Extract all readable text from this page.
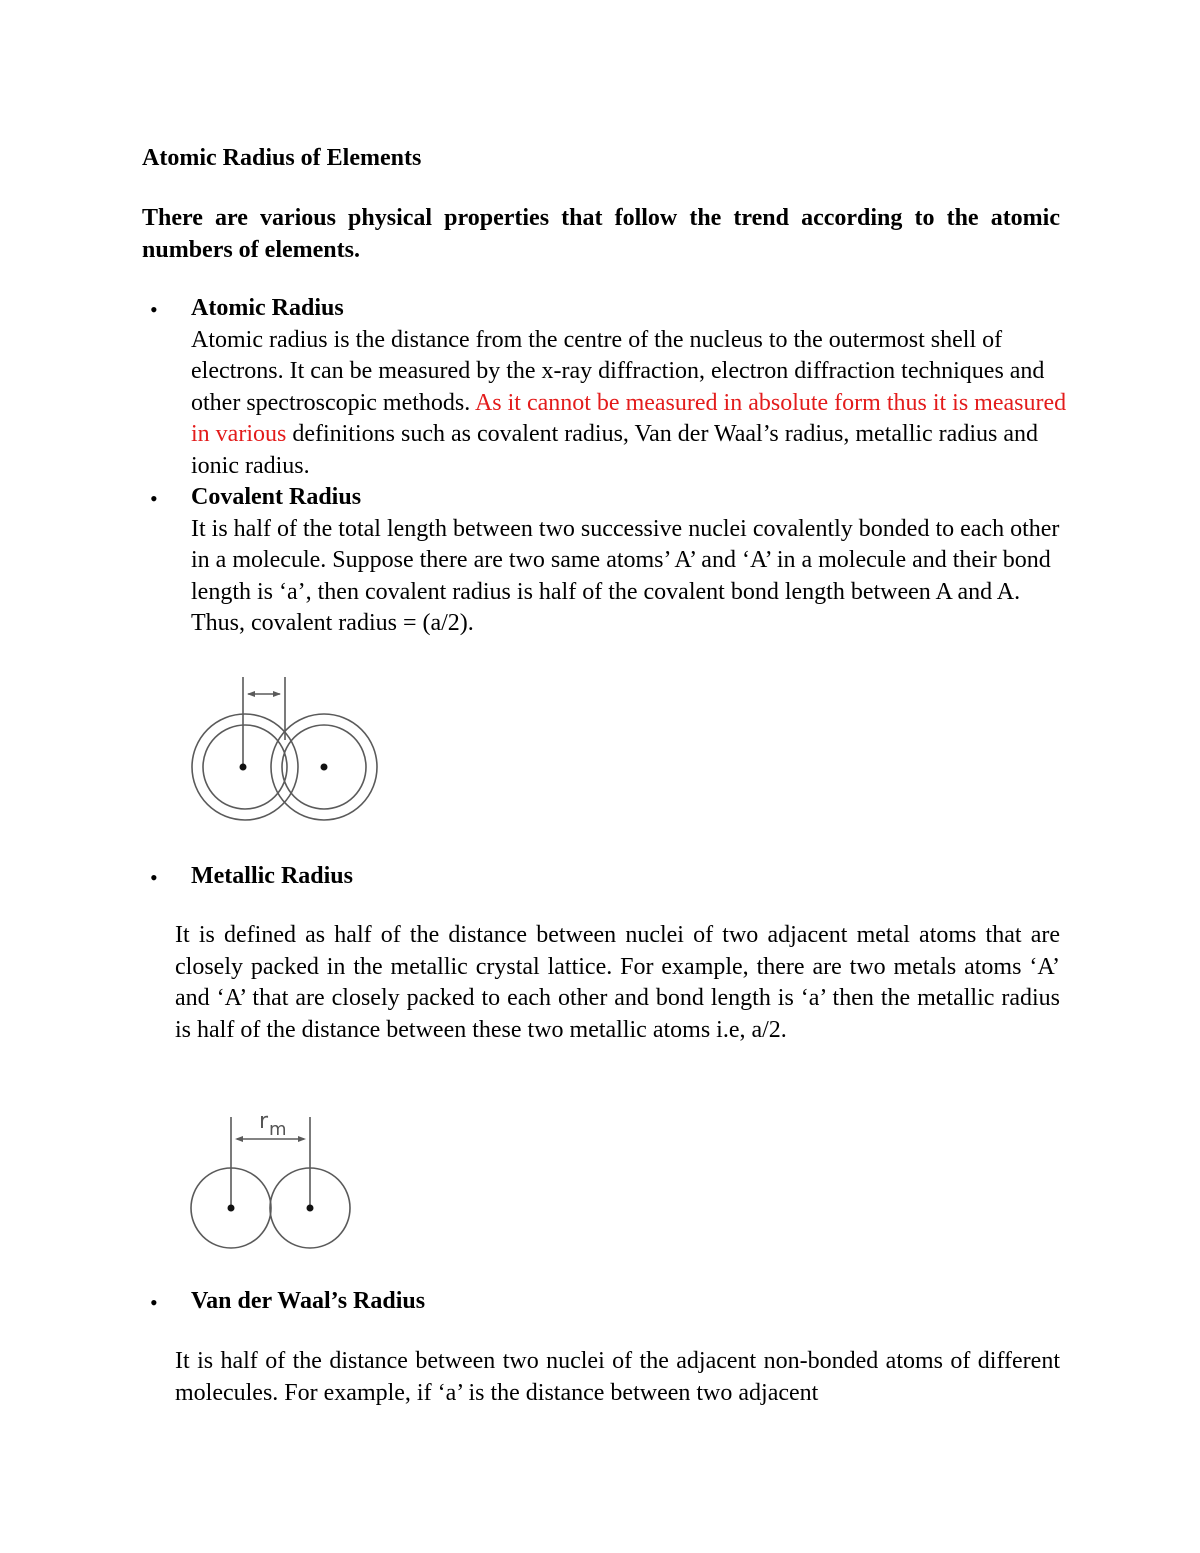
Atomic Radius of Elements
There are various physical properties that follow the trend according to the atomic numbers of elements.
• Atomic Radius
Atomic radius is the distance from the centre of the nucleus to the outermost shell of electrons. It can be measured by the x-ray diffraction, electron diffraction techniques and other spectroscopic methods. As it cannot be measured in absolute form thus it is measured in various definitions such as covalent radius, Van der Waal’s radius, metallic radius and ionic radius.
• Covalent Radius
It is half of the total length between two successive nuclei covalently bonded to each other in a molecule. Suppose there are two same atoms’ A’ and ‘A’ in a molecule and their bond length is ‘a’, then covalent radius is half of the covalent bond length between A and A. Thus, covalent radius = (a/2).
• Metallic Radius
It is defined as half of the distance between nuclei of two adjacent metal atoms that are closely packed in the metallic crystal lattice. For example, there are two metals atoms ‘A’ and ‘A’ that are closely packed to each other and bond length is ‘a’ then the metallic radius is half of the distance between these two metallic atoms i.e, a/2.
r m
• Van der Waal’s Radius
It is half of the distance between two nuclei of the adjacent non-bonded atoms of different molecules. For example, if ‘a’ is the distance between two adjacent
